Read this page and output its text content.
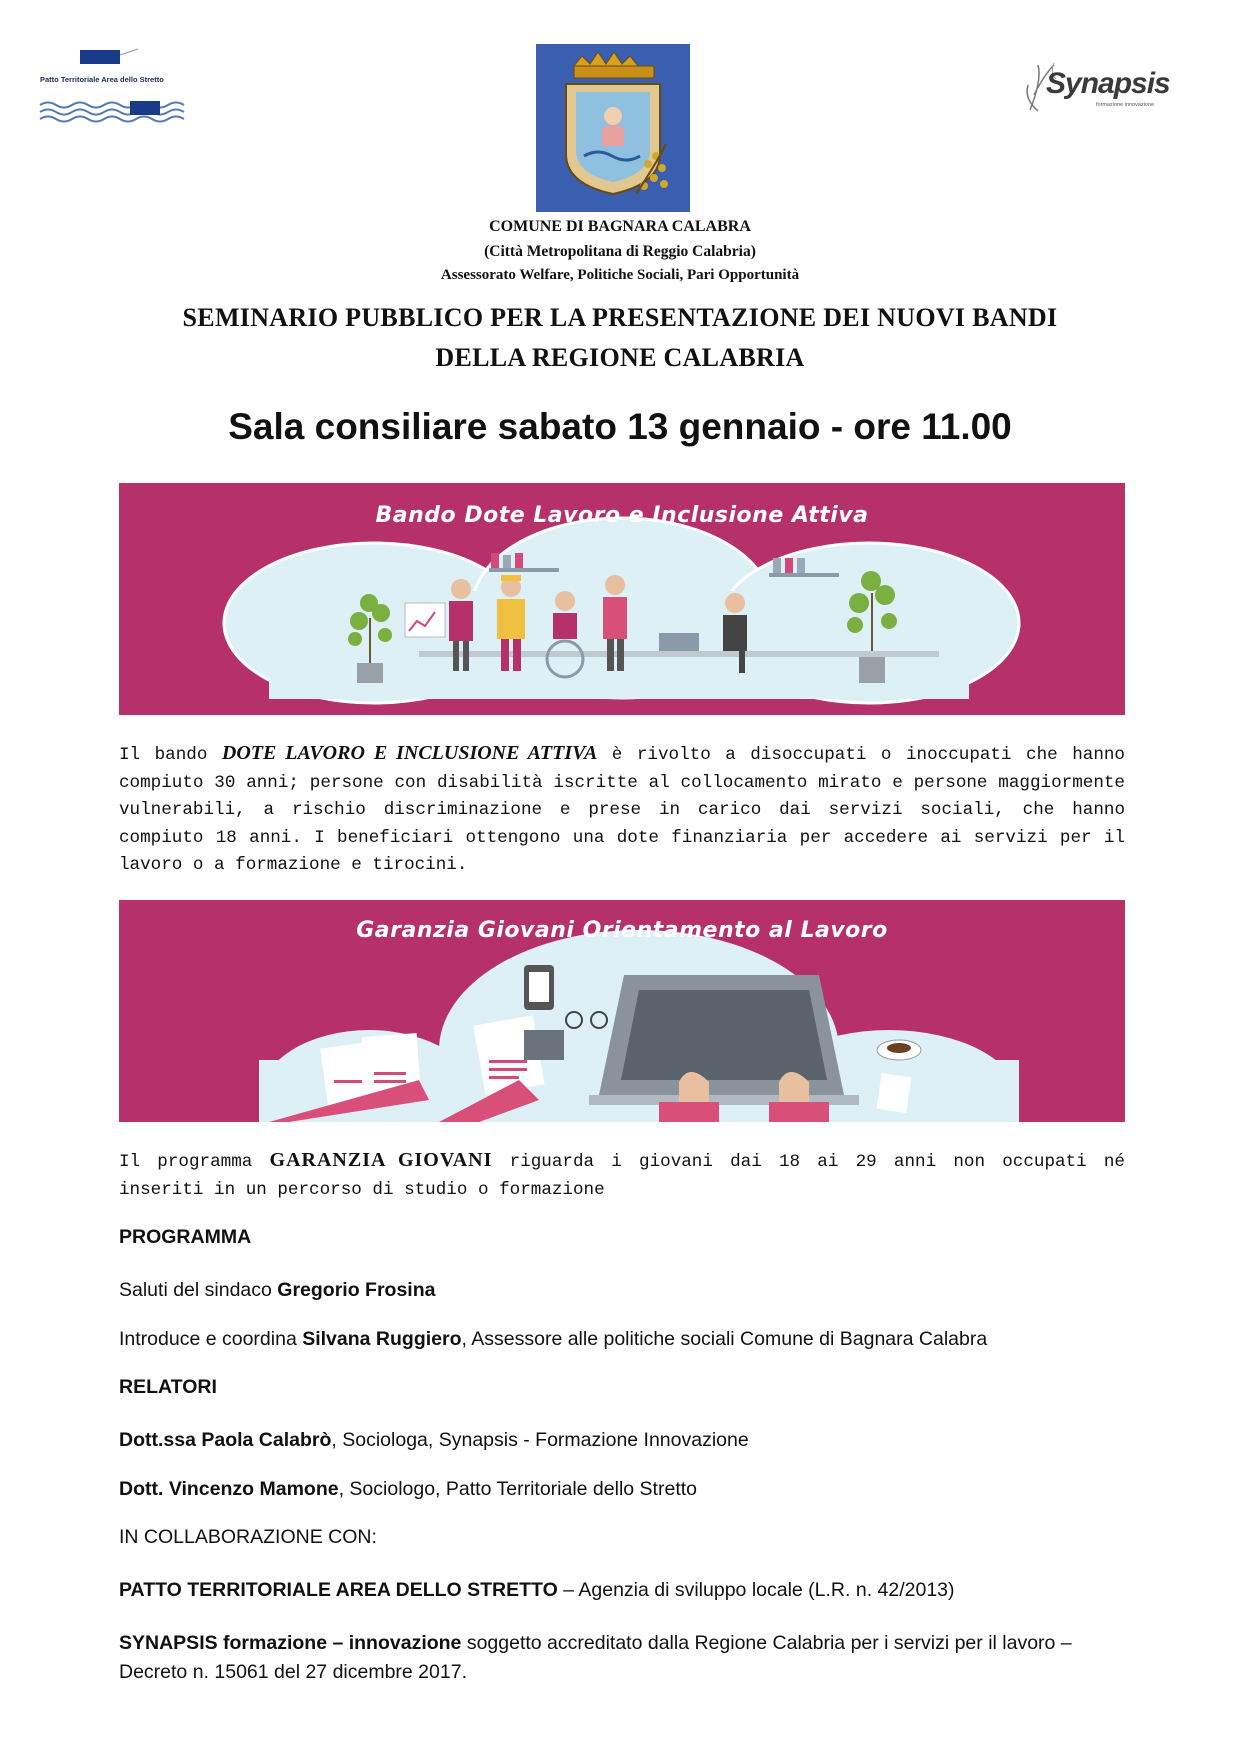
Patto Territoriale Area dello Stretto	Synapsis
formazione innovazione
COMUNE DI BAGNARA CALABRA
(Città Metropolitana di Reggio Calabria)
Assessorato Welfare, Politiche Sociali, Pari Opportunità
SEMINARIO PUBBLICO PER LA PRESENTAZIONE DEI NUOVI BANDI
DELLA REGIONE CALABRIA
Sala consiliare sabato 13 gennaio - ore 11.00
Bando Dote Lavoro e Inclusione Attiva
Il bando DOTE LAVORO E INCLUSIONE ATTIVA è rivolto a disoccupati o inoccupati che hanno compiuto 30 anni; persone con disabilità iscritte al collocamento mirato e persone maggiormente vulnerabili, a rischio discriminazione e prese in carico dai servizi sociali, che hanno compiuto 18 anni. I beneficiari ottengono una dote finanziaria per accedere ai servizi per il lavoro o a formazione e tirocini.
Garanzia Giovani Orientamento al Lavoro
Il programma GARANZIA GIOVANI riguarda i giovani dai 18 ai 29 anni non occupati né inseriti in un percorso di studio o formazione
PROGRAMMA
Saluti del sindaco Gregorio Frosina
Introduce e coordina Silvana Ruggiero, Assessore alle politiche sociali Comune di Bagnara Calabra
RELATORI
Dott.ssa Paola Calabrò, Sociologa, Synapsis - Formazione Innovazione
Dott. Vincenzo Mamone, Sociologo, Patto Territoriale dello Stretto
IN COLLABORAZIONE CON:
PATTO TERRITORIALE AREA DELLO STRETTO – Agenzia di sviluppo locale (L.R. n. 42/2013)
SYNAPSIS formazione – innovazione soggetto accreditato dalla Regione Calabria per i servizi per il lavoro –
Decreto n. 15061 del 27 dicembre 2017.
